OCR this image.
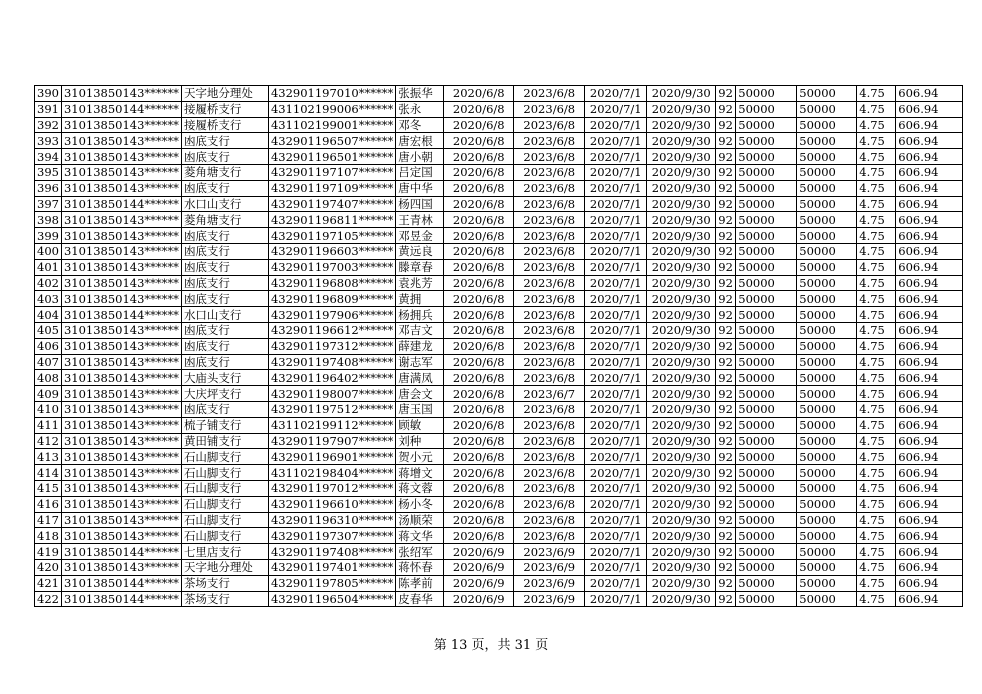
390	31013850143******	天字地分理处	432901197010******	张振华	2020/6/8	2023/6/8	2020/7/1	2020/9/30	92	50000	50000	4.75	606.94
391	31013850144******	接履桥支行	431102199006******	张永	2020/6/8	2023/6/8	2020/7/1	2020/9/30	92	50000	50000	4.75	606.94
392	31013850143******	接履桥支行	431102199001******	邓冬	2020/6/8	2023/6/8	2020/7/1	2020/9/30	92	50000	50000	4.75	606.94
393	31013850143******	凼底支行	432901196507******	唐宏根	2020/6/8	2023/6/8	2020/7/1	2020/9/30	92	50000	50000	4.75	606.94
394	31013850143******	凼底支行	432901196501******	唐小朝	2020/6/8	2023/6/8	2020/7/1	2020/9/30	92	50000	50000	4.75	606.94
395	31013850143******	菱角塘支行	432901197107******	吕定国	2020/6/8	2023/6/8	2020/7/1	2020/9/30	92	50000	50000	4.75	606.94
396	31013850143******	凼底支行	432901197109******	唐中华	2020/6/8	2023/6/8	2020/7/1	2020/9/30	92	50000	50000	4.75	606.94
397	31013850144******	水口山支行	432901197407******	杨四国	2020/6/8	2023/6/8	2020/7/1	2020/9/30	92	50000	50000	4.75	606.94
398	31013850143******	菱角塘支行	432901196811******	王青林	2020/6/8	2023/6/8	2020/7/1	2020/9/30	92	50000	50000	4.75	606.94
399	31013850143******	凼底支行	432901197105******	邓昱金	2020/6/8	2023/6/8	2020/7/1	2020/9/30	92	50000	50000	4.75	606.94
400	31013850143******	凼底支行	432901196603******	黄远良	2020/6/8	2023/6/8	2020/7/1	2020/9/30	92	50000	50000	4.75	606.94
401	31013850143******	凼底支行	432901197003******	滕章春	2020/6/8	2023/6/8	2020/7/1	2020/9/30	92	50000	50000	4.75	606.94
402	31013850143******	凼底支行	432901196808******	袁兆芳	2020/6/8	2023/6/8	2020/7/1	2020/9/30	92	50000	50000	4.75	606.94
403	31013850143******	凼底支行	432901196809******	黄拥	2020/6/8	2023/6/8	2020/7/1	2020/9/30	92	50000	50000	4.75	606.94
404	31013850144******	水口山支行	432901197906******	杨拥兵	2020/6/8	2023/6/8	2020/7/1	2020/9/30	92	50000	50000	4.75	606.94
405	31013850143******	凼底支行	432901196612******	邓吉文	2020/6/8	2023/6/8	2020/7/1	2020/9/30	92	50000	50000	4.75	606.94
406	31013850143******	凼底支行	432901197312******	薛建龙	2020/6/8	2023/6/8	2020/7/1	2020/9/30	92	50000	50000	4.75	606.94
407	31013850143******	凼底支行	432901197408******	谢志军	2020/6/8	2023/6/8	2020/7/1	2020/9/30	92	50000	50000	4.75	606.94
408	31013850143******	大庙头支行	432901196402******	唐满凤	2020/6/8	2023/6/8	2020/7/1	2020/9/30	92	50000	50000	4.75	606.94
409	31013850143******	大庆坪支行	432901198007******	唐会文	2020/6/8	2023/6/7	2020/7/1	2020/9/30	92	50000	50000	4.75	606.94
410	31013850143******	凼底支行	432901197512******	唐玉国	2020/6/8	2023/6/8	2020/7/1	2020/9/30	92	50000	50000	4.75	606.94
411	31013850143******	梳子铺支行	431102199112******	顾敏	2020/6/8	2023/6/8	2020/7/1	2020/9/30	92	50000	50000	4.75	606.94
412	31013850143******	黄田铺支行	432901197907******	刘种	2020/6/8	2023/6/8	2020/7/1	2020/9/30	92	50000	50000	4.75	606.94
413	31013850143******	石山脚支行	432901196901******	贺小元	2020/6/8	2023/6/8	2020/7/1	2020/9/30	92	50000	50000	4.75	606.94
414	31013850143******	石山脚支行	431102198404******	蒋增文	2020/6/8	2023/6/8	2020/7/1	2020/9/30	92	50000	50000	4.75	606.94
415	31013850143******	石山脚支行	432901197012******	蒋文蓉	2020/6/8	2023/6/8	2020/7/1	2020/9/30	92	50000	50000	4.75	606.94
416	31013850143******	石山脚支行	432901196610******	杨小冬	2020/6/8	2023/6/8	2020/7/1	2020/9/30	92	50000	50000	4.75	606.94
417	31013850143******	石山脚支行	432901196310******	汤顺荣	2020/6/8	2023/6/8	2020/7/1	2020/9/30	92	50000	50000	4.75	606.94
418	31013850143******	石山脚支行	432901197307******	蒋文华	2020/6/8	2023/6/8	2020/7/1	2020/9/30	92	50000	50000	4.75	606.94
419	31013850144******	七里店支行	432901197408******	张绍军	2020/6/9	2023/6/9	2020/7/1	2020/9/30	92	50000	50000	4.75	606.94
420	31013850143******	天字地分理处	432901197401******	蒋怀春	2020/6/9	2023/6/9	2020/7/1	2020/9/30	92	50000	50000	4.75	606.94
421	31013850144******	茶场支行	432901197805******	陈孝前	2020/6/9	2023/6/9	2020/7/1	2020/9/30	92	50000	50000	4.75	606.94
422	31013850144******	茶场支行	432901196504******	皮春华	2020/6/9	2023/6/9	2020/7/1	2020/9/30	92	50000	50000	4.75	606.94
第 13 页，共 31 页
